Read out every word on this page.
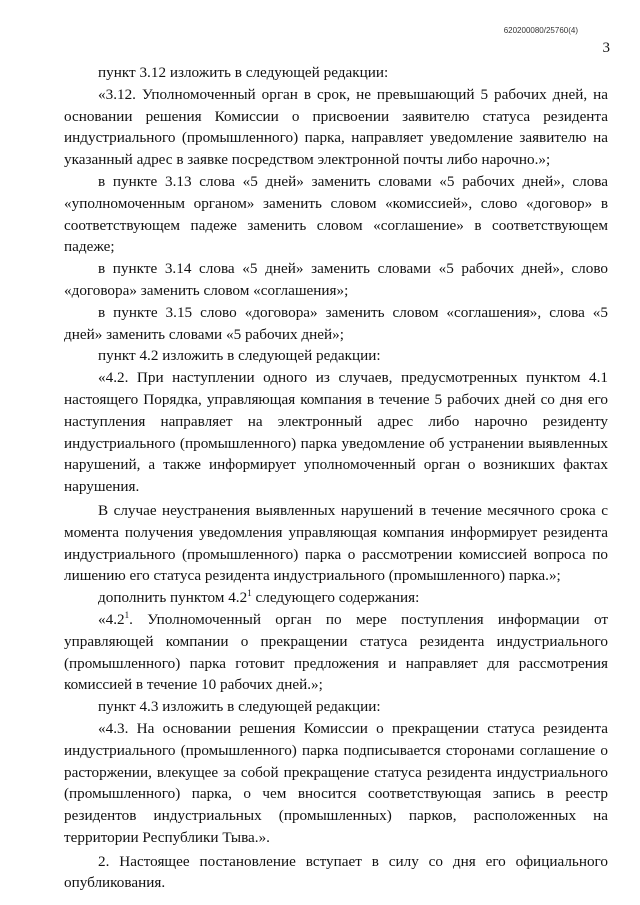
620200080/25760(4)
3

пункт 3.12 изложить в следующей редакции:

«3.12. Уполномоченный орган в срок, не превышающий 5 рабочих дней, на основании решения Комиссии о присвоении заявителю статуса резидента индустриального (промышленного) парка, направляет уведомление заявителю на указанный адрес в заявке посредством электронной почты либо нарочно.»;

в пункте 3.13 слова «5 дней» заменить словами «5 рабочих дней», слова «уполномоченным органом» заменить словом «комиссией», слово «договор» в соответствующем падеже заменить словом «соглашение» в соответствующем падеже;

в пункте 3.14 слова «5 дней» заменить словами «5 рабочих дней», слово «договора» заменить словом «соглашения»;

в пункте 3.15 слово «договора» заменить словом «соглашения», слова «5 дней» заменить словами «5 рабочих дней»;

пункт 4.2 изложить в следующей редакции:

«4.2. При наступлении одного из случаев, предусмотренных пунктом 4.1 настоящего Порядка, управляющая компания в течение 5 рабочих дней со дня его наступления направляет на электронный адрес либо нарочно резиденту индустриального (промышленного) парка уведомление об устранении выявленных нарушений, а также информирует уполномоченный орган о возникших фактах нарушения.

В случае неустранения выявленных нарушений в течение месячного срока с момента получения уведомления управляющая компания информирует резидента индустриального (промышленного) парка о рассмотрении комиссией вопроса по лишению его статуса резидента индустриального (промышленного) парка.»;

дополнить пунктом $4.2^1$ следующего содержания:

«$4.2^1$. Уполномоченный орган по мере поступления информации от управляющей компании о прекращении статуса резидента индустриального (промышленного) парка готовит предложения и направляет для рассмотрения комиссией в течение 10 рабочих дней.»;

пункт 4.3 изложить в следующей редакции:

«4.3. На основании решения Комиссии о прекращении статуса резидента индустриального (промышленного) парка подписывается сторонами соглашение о расторжении, влекущее за собой прекращение статуса резидента индустриального (промышленного) парка, о чем вносится соответствующая запись в реестр резидентов индустриальных (промышленных) парков, расположенных на территории Республики Тыва.».

2. Настоящее постановление вступает в силу со дня его официального опубликования.
